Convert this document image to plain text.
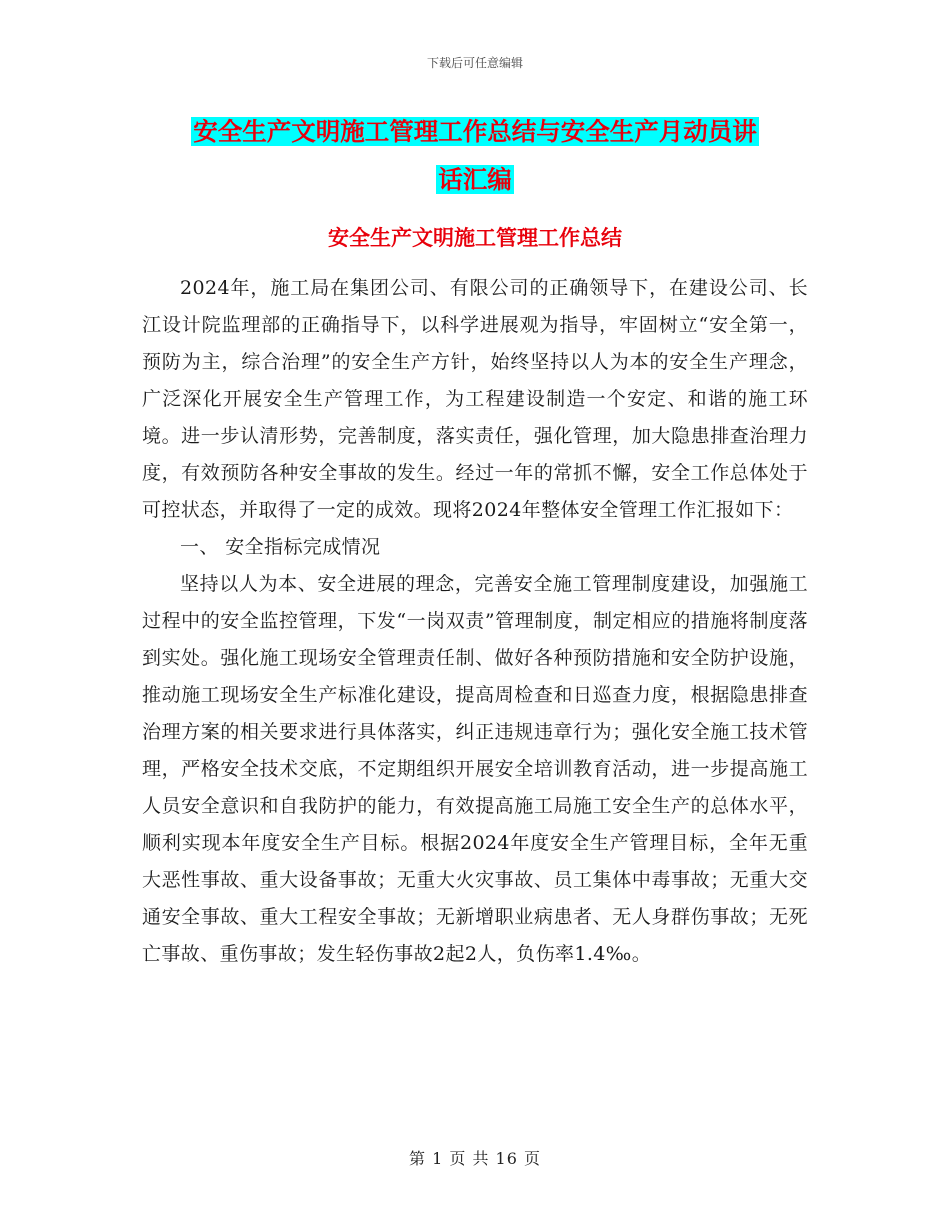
下载后可任意编辑
安全生产文明施工管理工作总结与安全生产月动员讲
话汇编
安全生产文明施工管理工作总结

2024年，施工局在集团公司、有限公司的正确领导下，在建设公司、长江设计院监理部的正确指导下，以科学进展观为指导，牢固树立“安全第一，预防为主，综合治理”的安全生产方针，始终坚持以人为本的安全生产理念，广泛深化开展安全生产管理工作，为工程建设制造一个安定、和谐的施工环境。进一步认清形势，完善制度，落实责任，强化管理，加大隐患排查治理力度，有效预防各种安全事故的发生。经过一年的常抓不懈，安全工作总体处于可控状态，并取得了一定的成效。现将2024年整体安全管理工作汇报如下：

一、 安全指标完成情况

坚持以人为本、安全进展的理念，完善安全施工管理制度建设，加强施工过程中的安全监控管理，下发“一岗双责”管理制度，制定相应的措施将制度落到实处。强化施工现场安全管理责任制、做好各种预防措施和安全防护设施，推动施工现场安全生产标准化建设，提高周检查和日巡查力度，根据隐患排查治理方案的相关要求进行具体落实，纠正违规违章行为；强化安全施工技术管理，严格安全技术交底，不定期组织开展安全培训教育活动，进一步提高施工人员安全意识和自我防护的能力，有效提高施工局施工安全生产的总体水平，顺利实现本年度安全生产目标。根据2024年度安全生产管理目标，全年无重大恶性事故、重大设备事故；无重大火灾事故、员工集体中毒事故；无重大交通安全事故、重大工程安全事故；无新增职业病患者、无人身群伤事故；无死亡事故、重伤事故；发生轻伤事故2起2人，负伤率1.4‰。

第 1 页 共 16 页
